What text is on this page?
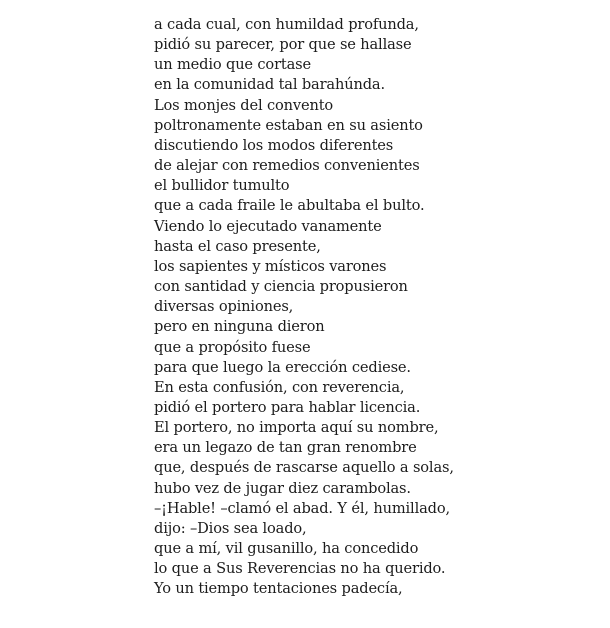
a cada cual, con humildad profunda,
pidió su parecer, por que se hallase
un medio que cortase
en la comunidad tal barahúnda.
Los monjes del convento
poltronamente estaban en su asiento
discutiendo los modos diferentes
de alejar con remedios convenientes
el bullidor tumulto
que a cada fraile le abultaba el bulto.
Viendo lo ejecutado vanamente
hasta el caso presente,
los sapientes y místicos varones
con santidad y ciencia propusieron
diversas opiniones,
pero en ninguna dieron
que a propósito fuese
para que luego la erección cediese.
En esta confusión, con reverencia,
pidió el portero para hablar licencia.
El portero, no importa aquí su nombre,
era un legazo de tan gran renombre
que, después de rascarse aquello a solas,
hubo vez de jugar diez carambolas.
–¡Hable! –clamó el abad. Y él, humillado,
dijo: –Dios sea loado,
que a mí, vil gusanillo, ha concedido
lo que a Sus Reverencias no ha querido.
Yo un tiempo tentaciones padecía,
